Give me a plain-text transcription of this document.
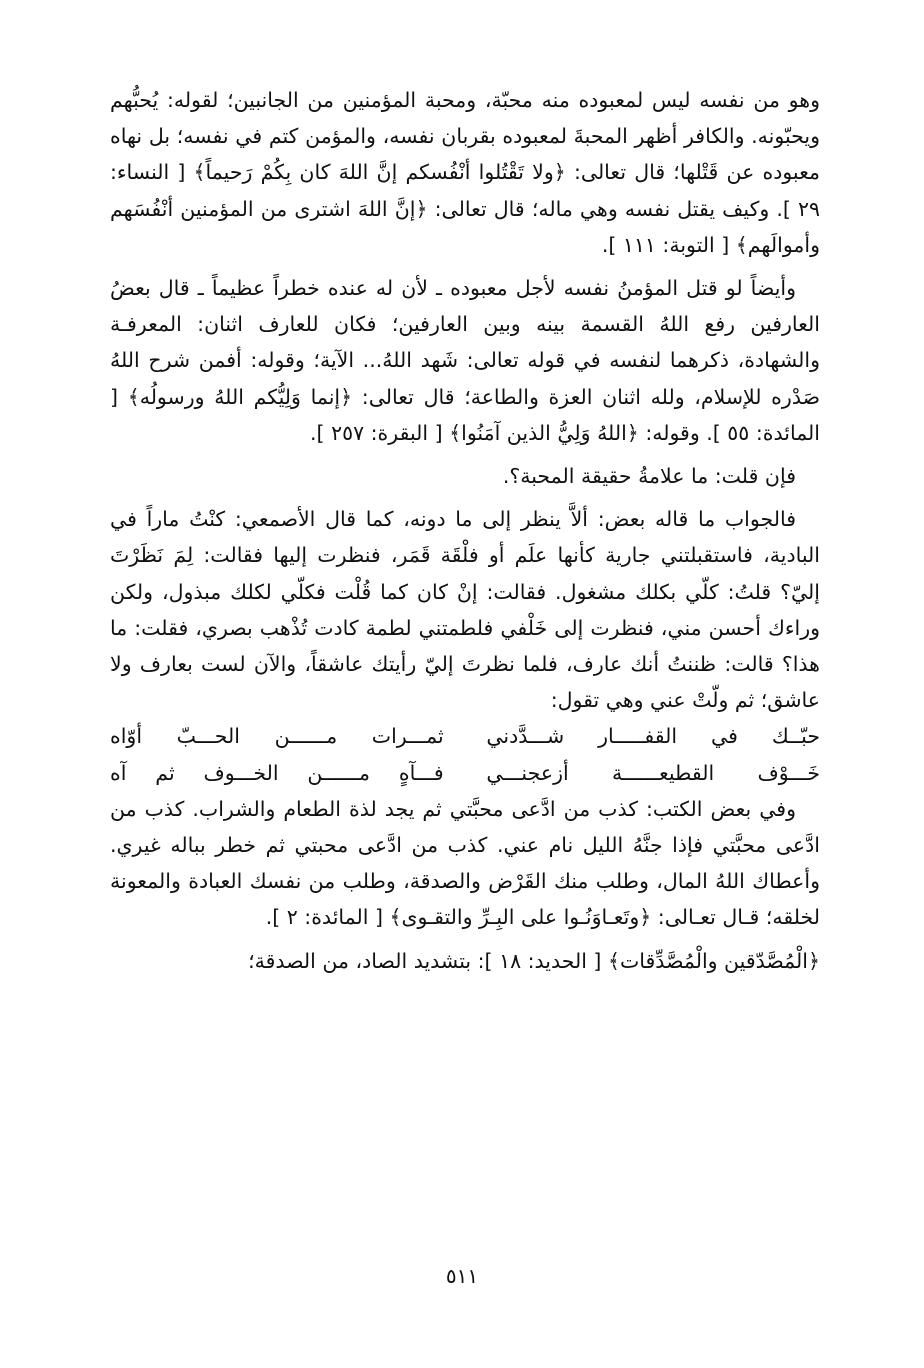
وهو من نفسه ليس لمعبوده منه محبّة، ومحبة المؤمنين من الجانبين؛ لقوله: يُحبُّهم ويحبّونه. والكافر أظهر المحبةَ لمعبوده بقربان نفسه، والمؤمن كتم في نفسه؛ بل نهاه معبوده عن قَتْلها؛ قال تعالى: ﴿ولا تَقْتُلوا أنْفُسكم إنَّ اللهَ كان بِكُمْ رَحيماً﴾ [ النساء: ٢٩ ]. وكيف يقتل نفسه وهي ماله؛ قال تعالى: ﴿إنَّ اللهَ اشترى من المؤمنين أنْفُسَهم وأموالَهم﴾ [ التوبة: ١١١ ].

وأيضاً لو قتل المؤمنُ نفسه لأجل معبوده ـ لأن له عنده خطراً عظيماً ـ قال بعضُ العارفين رفع اللهُ القسمة بينه وبين العارفين؛ فكان للعارف اثنان: المعرفـة والشهادة، ذكرهما لنفسه في قوله تعالى: شَهد اللهُ... الآية؛ وقوله: أفمن شرح اللهُ صَدْره للإسلام، ولله اثنان العزة والطاعة؛ قال تعالى: ﴿إنما وَلِيُّكم اللهُ ورسولُه﴾ [ المائدة: ٥٥ ]. وقوله: ﴿اللهُ وَلِيُّ الذين آمَنُوا﴾ [ البقرة: ٢٥٧ ].

فإن قلت: ما علامةُ حقيقة المحبة؟.

فالجواب ما قاله بعض: ألاَّ ينظر إلى ما دونه، كما قال الأصمعي: كنْتُ ماراً في البادية، فاستقبلتني جارية كأنها علَم أو فلْقَة قَمَر، فنظرت إليها فقالت: لِمَ نَظَرْتَ إليّ؟ قلتُ: كلّي بكلك مشغول. فقالت: إنْ كان كما قُلْت فكلّي لكلك مبذول، ولكن وراءك أحسن مني، فنظرت إلى خَلْفي فلطمتني لطمة كادت تُذْهب بصري، فقلت: ما هذا؟ قالت: ظننتُ أنك عارف، فلما نظرتَ إليّ رأيتك عاشقاً، والآن لست بعارف ولا عاشق؛ ثم ولّتْ عني وهي تقول:

حبّــك في القفـــــار شـــدَّدني
ثمـــرات مــــــن الحـــبّ أوّاه
خَـــوْف القطيعــــــة أزعجنـــي
فـــآهٍ مــــــن الخـــوف ثم آه

وفي بعض الكتب: كذب من ادَّعى محبَّتي ثم يجد لذة الطعام والشراب. كذب من ادَّعى محبَّتي فإذا جنَّهُ الليل نام عني. كذب من ادَّعى محبتي ثم خطر بباله غيري. وأعطاك اللهُ المال، وطلب منك القَرْض والصدقة، وطلب من نفسك العبادة والمعونة لخلقه؛ قـال تعـالى: ﴿وتَعـاوَنُـوا على البِـرِّ والتقـوى﴾ [ المائدة: ٢ ].

﴿الْمُصَّدّقين والْمُصَّدِّقات﴾ [ الحديد: ١٨ ]: بتشديد الصاد، من الصدقة؛

٥١١
